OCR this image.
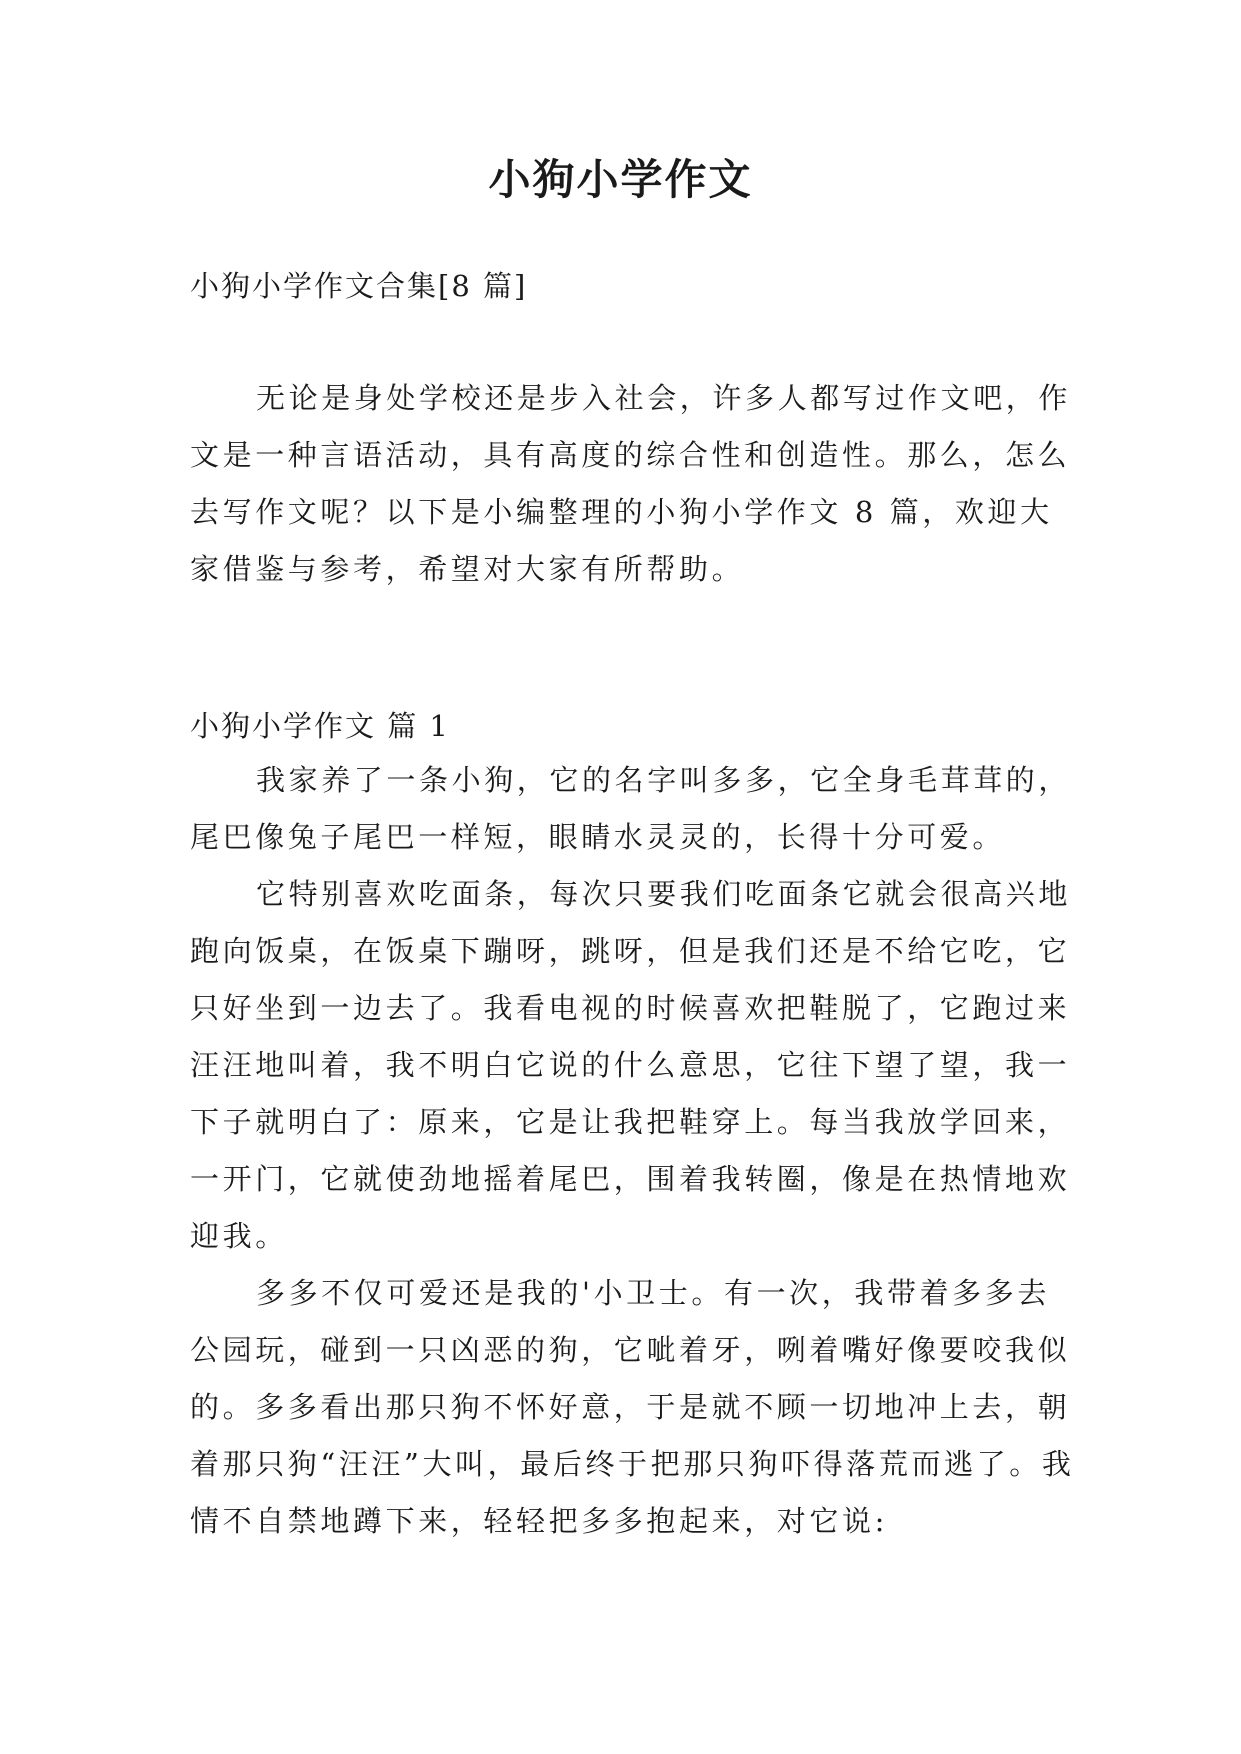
小狗小学作文
小狗小学作文合集[8 篇]

无论是身处学校还是步入社会，许多人都写过作文吧，作文是一种言语活动，具有高度的综合性和创造性。那么，怎么去写作文呢？以下是小编整理的小狗小学作文 8 篇，欢迎大家借鉴与参考，希望对大家有所帮助。

小狗小学作文 篇 1

我家养了一条小狗，它的名字叫多多，它全身毛茸茸的，尾巴像兔子尾巴一样短，眼睛水灵灵的，长得十分可爱。

它特别喜欢吃面条，每次只要我们吃面条它就会很高兴地跑向饭桌，在饭桌下蹦呀，跳呀，但是我们还是不给它吃，它只好坐到一边去了。我看电视的时候喜欢把鞋脱了，它跑过来汪汪地叫着，我不明白它说的什么意思，它往下望了望，我一下子就明白了：原来，它是让我把鞋穿上。每当我放学回来，一开门，它就使劲地摇着尾巴，围着我转圈，像是在热情地欢迎我。

多多不仅可爱还是我的'小卫士。有一次，我带着多多去公园玩，碰到一只凶恶的狗，它呲着牙，咧着嘴好像要咬我似的。多多看出那只狗不怀好意，于是就不顾一切地冲上去，朝着那只狗“汪汪”大叫，最后终于把那只狗吓得落荒而逃了。我情不自禁地蹲下来，轻轻把多多抱起来，对它说:
